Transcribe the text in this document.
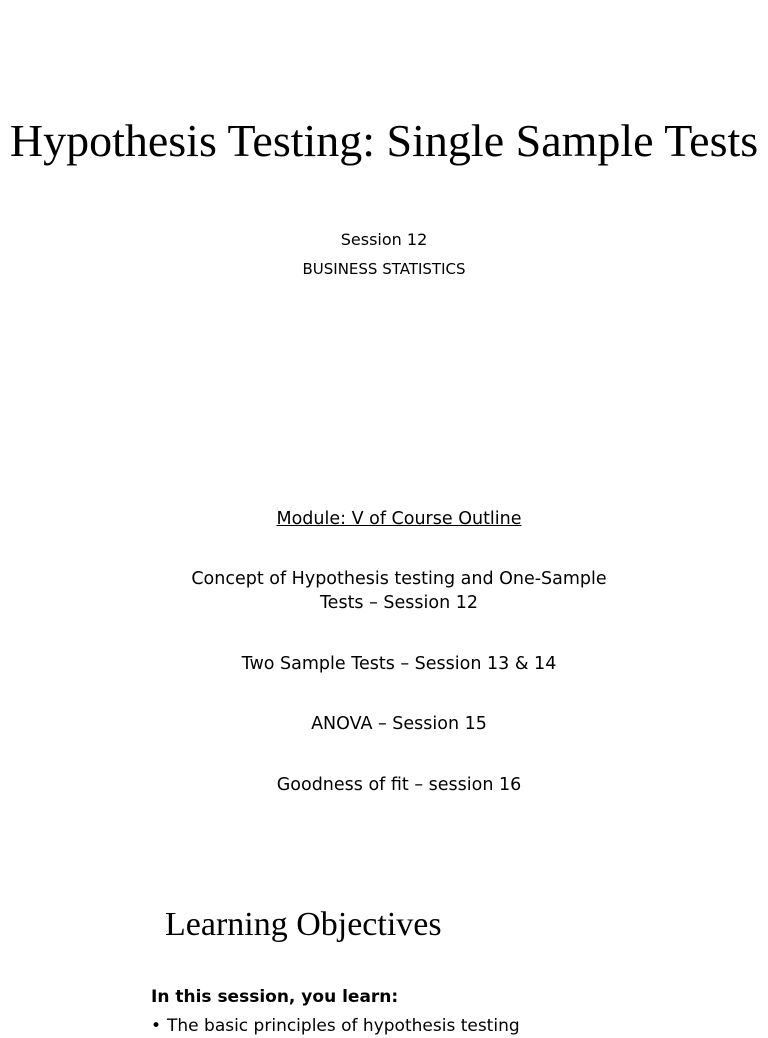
Hypothesis Testing: Single Sample Tests
Session 12
BUSINESS STATISTICS
Module: V of Course Outline
Concept of Hypothesis testing and One-Sample Tests – Session 12
Two Sample Tests – Session 13 & 14
ANOVA – Session 15
Goodness of fit – session 16
Learning Objectives
In this session, you learn:
• The basic principles of hypothesis testing
